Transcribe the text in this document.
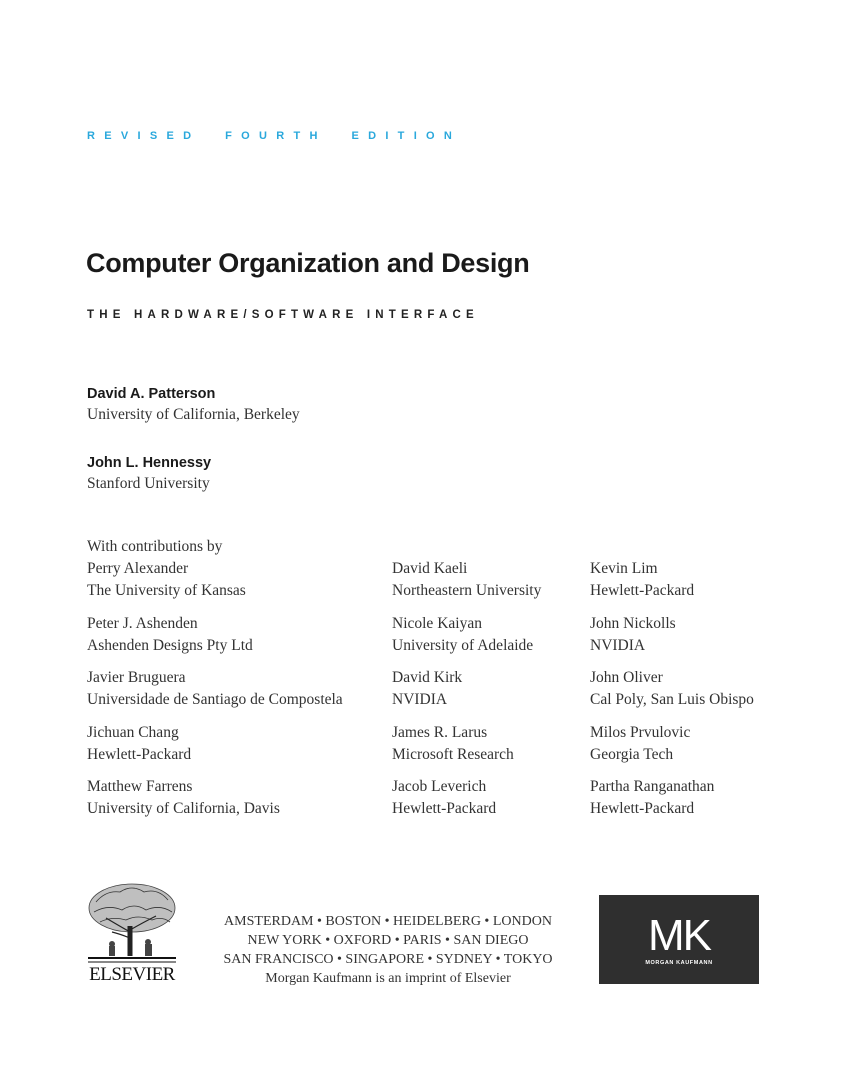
REVISED  FOURTH  EDITION
Computer Organization and Design
THE HARDWARE/SOFTWARE INTERFACE
David A. Patterson
University of California, Berkeley
John L. Hennessy
Stanford University
With contributions by
Perry Alexander
The University of Kansas
Peter J. Ashenden
Ashenden Designs Pty Ltd
Javier Bruguera
Universidade de Santiago de Compostela
Jichuan Chang
Hewlett-Packard
Matthew Farrens
University of California, Davis
David Kaeli
Northeastern University
Nicole Kaiyan
University of Adelaide
David Kirk
NVIDIA
James R. Larus
Microsoft Research
Jacob Leverich
Hewlett-Packard
Kevin Lim
Hewlett-Packard
John Nickolls
NVIDIA
John Oliver
Cal Poly, San Luis Obispo
Milos Prvulovic
Georgia Tech
Partha Ranganathan
Hewlett-Packard
ELSEVIER
AMSTERDAM • BOSTON • HEIDELBERG • LONDON
NEW YORK • OXFORD • PARIS • SAN DIEGO
SAN FRANCISCO • SINGAPORE • SYDNEY • TOKYO
Morgan Kaufmann is an imprint of Elsevier
MK
MORGAN KAUFMANN
